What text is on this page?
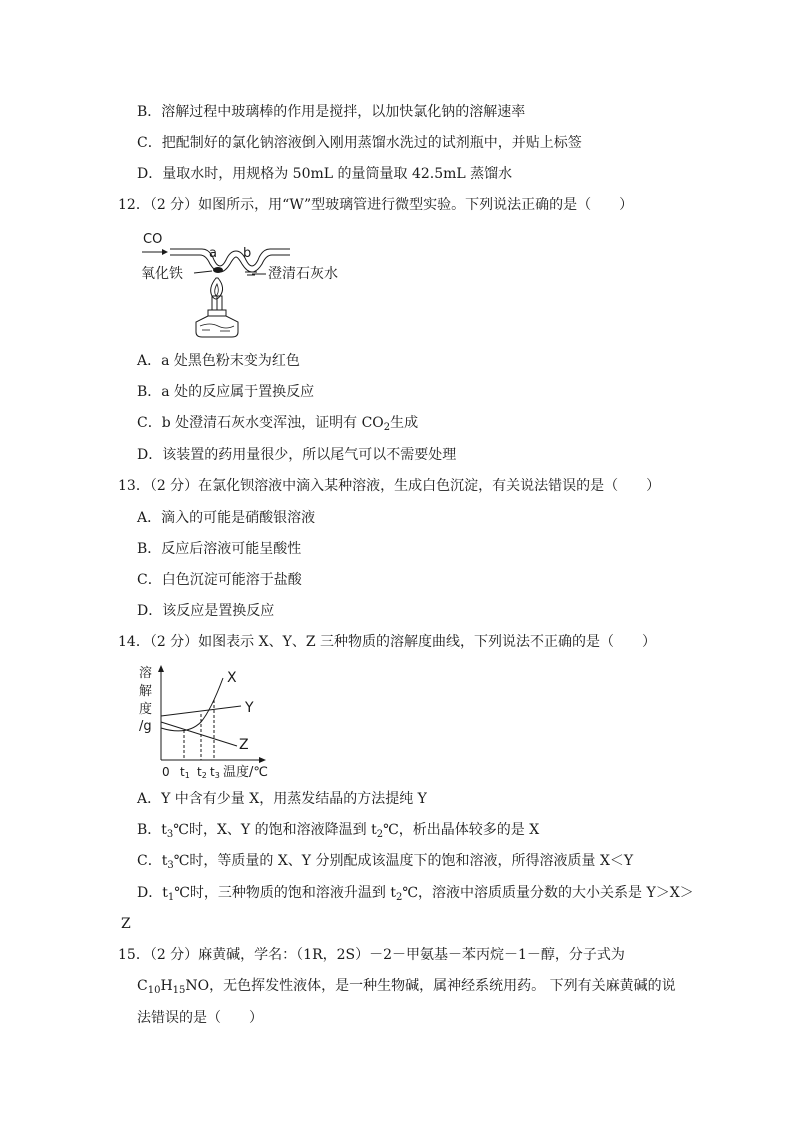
B．溶解过程中玻璃棒的作用是搅拌，以加快氯化钠的溶解速率
C．把配制好的氯化钠溶液倒入刚用蒸馏水洗过的试剂瓶中，并贴上标签
D．量取水时，用规格为 50mL 的量筒量取 42.5mL 蒸馏水
12．（2 分）如图所示，用“W”型玻璃管进行微型实验。下列说法正确的是（　　）
CO
a b
氧化铁	澄清石灰水
A．a 处黑色粉末变为红色
B．a 处的反应属于置换反应
C．b 处澄清石灰水变浑浊，证明有 $CO_2$生成
D．该装置的药用量很少，所以尾气可以不需要处理
13．（2 分）在氯化钡溶液中滴入某种溶液，生成白色沉淀，有关说法错误的是（　　）
A．滴入的可能是硝酸银溶液
B．反应后溶液可能呈酸性
C．白色沉淀可能溶于盐酸
D．该反应是置换反应
14．（2 分）如图表示 X、Y、Z 三种物质的溶解度曲线，下列说法不正确的是（　　）
溶
解
度
/g
X
Y
Z
0 t1 t2 t3 温度/℃
A．Y 中含有少量 X，用蒸发结晶的方法提纯 Y
B．$t_3℃$时，X、Y 的饱和溶液降温到 $t_2℃$，析出晶体较多的是 X
C．$t_3℃$时，等质量的 X、Y 分别配成该温度下的饱和溶液，所得溶液质量 X＜Y
D．$t_1℃$时，三种物质的饱和溶液升温到 $t_2℃$，溶液中溶质质量分数的大小关系是 Y＞X＞
Z
15．（2 分）麻黄碱，学名：（1R，2S）－2－甲氨基－苯丙烷－1－醇，分子式为
$C_{10}H_{15}NO$，无色挥发性液体，是一种生物碱，属神经系统用药。 下列有关麻黄碱的说
法错误的是（　　）
